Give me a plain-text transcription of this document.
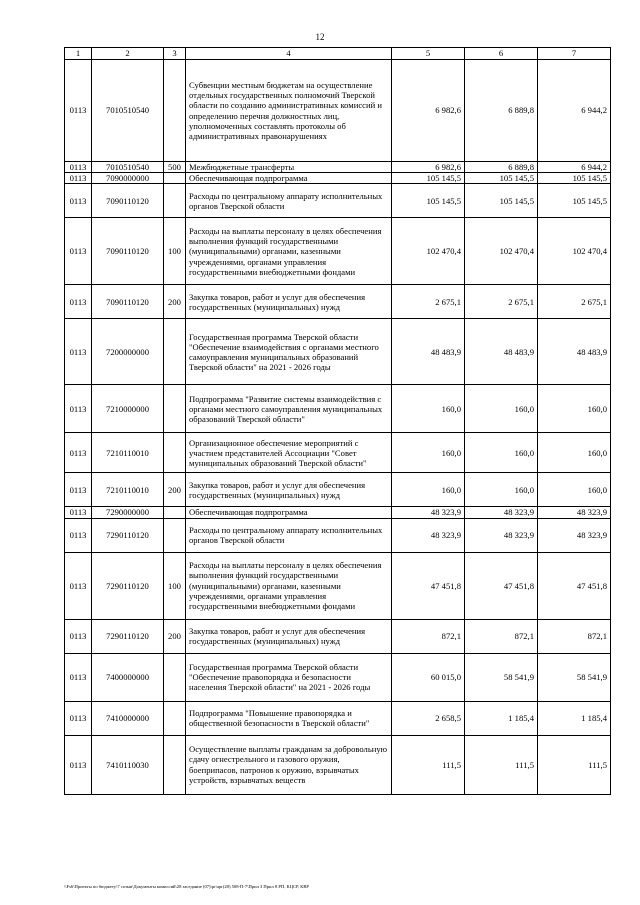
12
1	2	3	4	5	6	7
0113	7010510540		Субвенции местным бюджетам на осуществление отдельных государственных полномочий Тверской области по созданию административных комиссий и определению перечня должностных лиц, уполномоченных составлять протоколы об административных правонарушениях	6 982,6	6 889,8	6 944,2
0113	7010510540	500	Межбюджетные трансферты	6 982,6	6 889,8	6 944,2
0113	7090000000		Обеспечивающая подпрограмма	105 145,5	105 145,5	105 145,5
0113	7090110120		Расходы по центральному аппарату исполнительных органов Тверской области	105 145,5	105 145,5	105 145,5
0113	7090110120	100	Расходы на выплаты персоналу в целях обеспечения выполнения функций государственными (муниципальными) органами, казенными учреждениями, органами управления государственными внебюджетными фондами	102 470,4	102 470,4	102 470,4
0113	7090110120	200	Закупка товаров, работ и услуг для обеспечения государственных (муниципальных) нужд	2 675,1	2 675,1	2 675,1
0113	7200000000		Государственная программа Тверской области "Обеспечение взаимодействия с органами местного самоуправления муниципальных образований Тверской области" на 2021 - 2026 годы	48 483,9	48 483,9	48 483,9
0113	7210000000		Подпрограмма "Развитие системы взаимодействия с органами местного самоуправления муниципальных образований Тверской области"	160,0	160,0	160,0
0113	7210110010		Организационное обеспечение мероприятий с участием представителей Ассоциации "Совет муниципальных образований Тверской области"	160,0	160,0	160,0
0113	7210110010	200	Закупка товаров, работ и услуг для обеспечения государственных (муниципальных) нужд	160,0	160,0	160,0
0113	7290000000		Обеспечивающая подпрограмма	48 323,9	48 323,9	48 323,9
0113	7290110120		Расходы по центральному аппарату исполнительных органов Тверской области	48 323,9	48 323,9	48 323,9
0113	7290110120	100	Расходы на выплаты персоналу в целях обеспечения выполнения функций государственными (муниципальными) органами, казенными учреждениями, органами управления государственными внебюджетными фондами	47 451,8	47 451,8	47 451,8
0113	7290110120	200	Закупка товаров, работ и услуг для обеспечения государственных (муниципальных) нужд	872,1	872,1	872,1
0113	7400000000		Государственная программа Тверской области "Обеспечение правопорядка и безопасности населения Тверской области" на 2021 - 2026 годы	60 015,0	58 541,9	58 541,9
0113	7410000000		Подпрограмма "Повышение правопорядка и общественной безопасности в Тверской области"	2 658,5	1 185,4	1 185,4
0113	7410110030		Осуществление выплаты гражданам за добровольную сдачу огнестрельного и газового оружия, боеприпасов, патронов к оружию, взрывчатых устройств, взрывчатых веществ	111,5	111,5	111,5
\\Fs6\Проекты по бюджету\7 созыв\Документы комиссий\28 заседание (07)\pr\apr(28) 508-П-7\Прил 3 Прил 8 РП, КЦСР, КВР
